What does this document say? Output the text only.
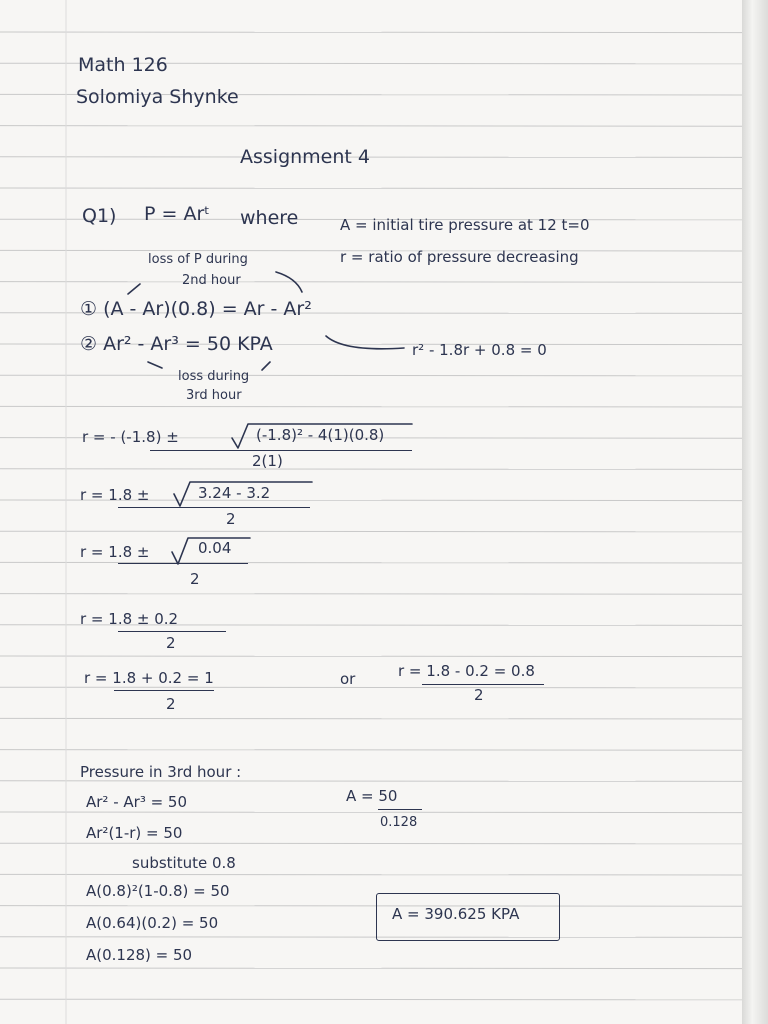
Math 126
Solomiya Shynke
Assignment 4
Q1) P = Arᵗ where	A = initial tire pressure at 12 t=0
r = ratio of pressure decreasing
loss of P during
2nd hour
① (A - Ar)(0.8) = Ar - Ar²
② Ar² - Ar³ = 50 KPA	r² - 1.8r + 0.8 = 0
loss during
3rd hour
r = - (-1.8) ±	(-1.8)² - 4(1)(0.8)
2(1)
r = 1.8 ±	3.24 - 3.2
2
r = 1.8 ±	0.04
2
r = 1.8 ± 0.2
2
r = 1.8 + 0.2 = 1
2
or	r = 1.8 - 0.2 = 0.8
2
Pressure in 3rd hour :
Ar² - Ar³ = 50
Ar²(1-r) = 50
substitute 0.8
A(0.8)²(1-0.8) = 50
A(0.64)(0.2) = 50
A(0.128) = 50
A = 50
0.128
A = 390.625 KPA
